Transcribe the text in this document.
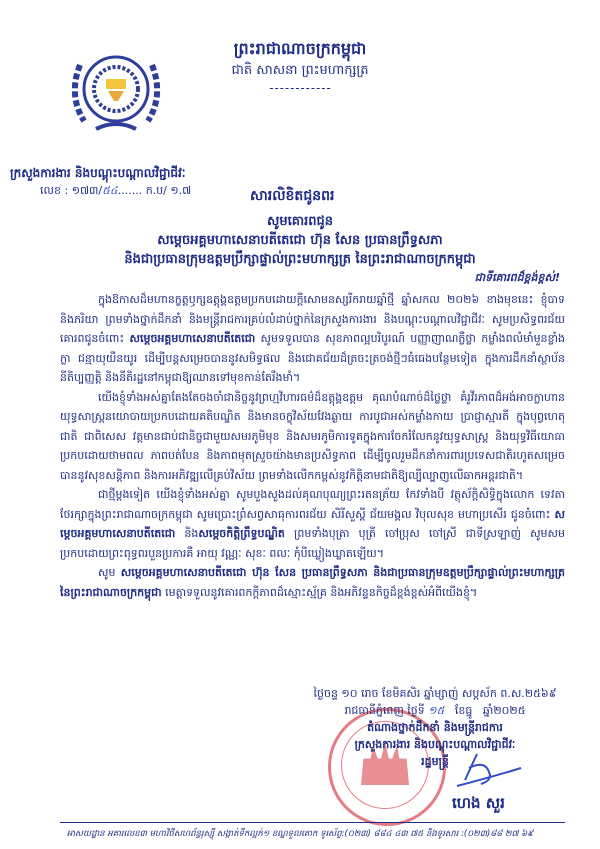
ព្រះរាជាណាចក្រកម្ពុជា
ជាតិ សាសនា ព្រះមហាក្សត្រ
ក្រសួងការងារ និងបណ្តុះបណ្តាលវិជ្ជាជីវៈ
លេខ : ១៧៣/៥៤....... ក.ប/ ១.៧	សារលិខិតជូនពរ
សូមគោរពជូន
សម្តេចអគ្គមហាសេនាបតីតេជោ ហ៊ុន សែន ប្រធានព្រឹទ្ធសភា
និងជាប្រធានក្រុមឧត្តមប្រឹក្សាផ្ទាល់ព្រះមហាក្សត្រ នៃព្រះរាជាណាចក្រកម្ពុជា
ជាទីគោរពដ៏ខ្ពង់ខ្ពស់!

ក្នុងឱកាសដ៏មហានក្ខត្តឫក្សឧត្តុង្គឧត្តមប្រកបដោយក្តីសោមនស្សរីករាយឆ្នាំថ្មី ឆ្នាំសកល ២០២៦ ខាងមុខនេះ ខ្ញុំបាទ និងភរិយា ព្រមទាំងថ្នាក់ដឹកនាំ និងមន្ត្រីរាជការគ្រប់លំដាប់ថ្នាក់នៃក្រសួងការងារ និងបណ្តុះបណ្តាលវិជ្ជាជីវៈ សូមប្រសិទ្ធពរជ័យគោរពជូនចំពោះ សម្តេចអគ្គមហាសេនាបតីតេជោ សូមទទួលបាន សុខភាពល្អបរិបូរណ៍ បញ្ញាញាណភ្លឺថ្លា កម្លាំងពលំមាំមួនខ្លាំងក្លា ជន្មាយុយឺនយូរ ដើម្បីបន្តសម្រេចបាននូវសមិទ្ធផល និងជោគជ័យដ៏ត្រចះត្រចង់ថ្មីៗធំធេងបន្ថែមទៀត ក្នុងការដឹកនាំស្ថាប័ននីតិប្បញ្ញត្តិ និងនីតិរដ្ឋនៅកម្ពុជាឱ្យឈានទៅមុខកាន់តែរឹងមាំ។

យើងខ្ញុំទាំងអស់គ្នាតែងតែចងចាំជានិច្ចនូវព្រហ្មវិហារធម៌ដ៏ឧត្តុង្គឧត្តម គុណបំណាច់ដ៏ថ្លៃថ្លា គំរូវីរភាពដ៏អង់អាចក្លាហាន យុទ្ធសាស្ត្រនយោបាយប្រកបដោយគតិបណ្ឌិត និងមានចក្ខុវិស័យវែងឆ្ងាយ ការបូជាអស់កម្លាំងកាយ ប្រាជ្ញាស្មារតី ក្នុងបុព្វហេតុជាតិ ជាពិសេស វត្តមានជាប់ជានិច្ចជាមួយសមរភូមិមុខ និងសមរភូមិការទូតក្នុងការចែករំលែកនូវយុទ្ធសាស្ត្រ និងយុទ្ធវិធីយោធាប្រកបដោយថាមពល ភាពបត់បែន និងភាពមុតស្រួចយ៉ាងមានប្រសិទ្ធភាព ដើម្បីចូលរួមដឹកនាំការពារប្រទេសជាតិរហូតសម្រេចបាននូវសុខសន្តិភាព និងការអភិវឌ្ឍលើគ្រប់វិស័យ ព្រមទាំងលើកកម្ពស់នូវកិត្តិនាមជាតិឱ្យល្បីល្បាញលើឆាកអន្តរជាតិ។

ជាថ្មីម្តងទៀត យើងខ្ញុំទាំងអស់គ្នា សូមបួងសួងដល់គុណបុណ្យព្រះរតនត្រ័យ កែវទាំងបី វត្ថុស័ក្តិសិទ្ធិក្នុងលោក ទេវតាថែរក្សាក្នុងព្រះរាជាណាចក្រកម្ពុជា សូមប្រោះព្រំសព្វសាធុការពរជ័យ សិរីសួស្តី ជ័យមង្គល វិបុលសុខ មហាប្រសើរ ជូនចំពោះ សម្តេចអគ្គមហាសេនាបតីតេជោ និងសម្តេចកិត្តិព្រឹទ្ធបណ្ឌិត ព្រមទាំងបុត្រា បុត្រី ចៅប្រុស ចៅស្រី ជាទីស្រឡាញ់ សូមសមប្រកបដោយព្រះពុទ្ធពរបួនប្រការគឺ អាយុ វណ្ណៈ សុខៈ ពលៈ កុំបីឃ្លៀងឃ្លាតឡើយ។

សូម សម្តេចអគ្គមហាសេនាបតីតេជោ ហ៊ុន សែន ប្រធានព្រឹទ្ធសភា និងជាប្រធានក្រុមឧត្តមប្រឹក្សាផ្ទាល់ព្រះមហាក្សត្រ នៃព្រះរាជាណាចក្រកម្ពុជា មេត្តាទទួលនូវគោរពកក្តីភាពដ៏ស្មោះស្ម័គ្រ និងអភិវន្ទនកិច្ចដ៏ខ្ពង់ខ្ពស់អំពីយើងខ្ញុំ។

ថ្ងៃចន្ទ ១០ រោច ខែមិគសិរ ឆ្នាំម្សាញ់ សប្តស័ក ព.ស.២៥៦៩
រាជធានីភ្នំពេញ ថ្ងៃទី ១៥ ខែធ្នូ ឆ្នាំ២០២៥
តំណាងថ្នាក់ដឹកនាំ និងមន្ត្រីរាជការ
ក្រសួងការងារ និងបណ្តុះបណ្តាលវិជ្ជាជីវៈ
រដ្ឋមន្ត្រី
ហេង សួរ
អាសយដ្ឋាន អគារលេខ៣ មហាវិថីសហព័ន្ធរុស្ស៊ី សង្កាត់ទឹកល្អក់១ ខណ្ឌទួលគោក ទូរស័ព្ទ:(០២៣) ៨៨៤ ៤៣ ៧៥ និងទូរសារ :(០២៣)៨៨ ២៧ ៦៩
